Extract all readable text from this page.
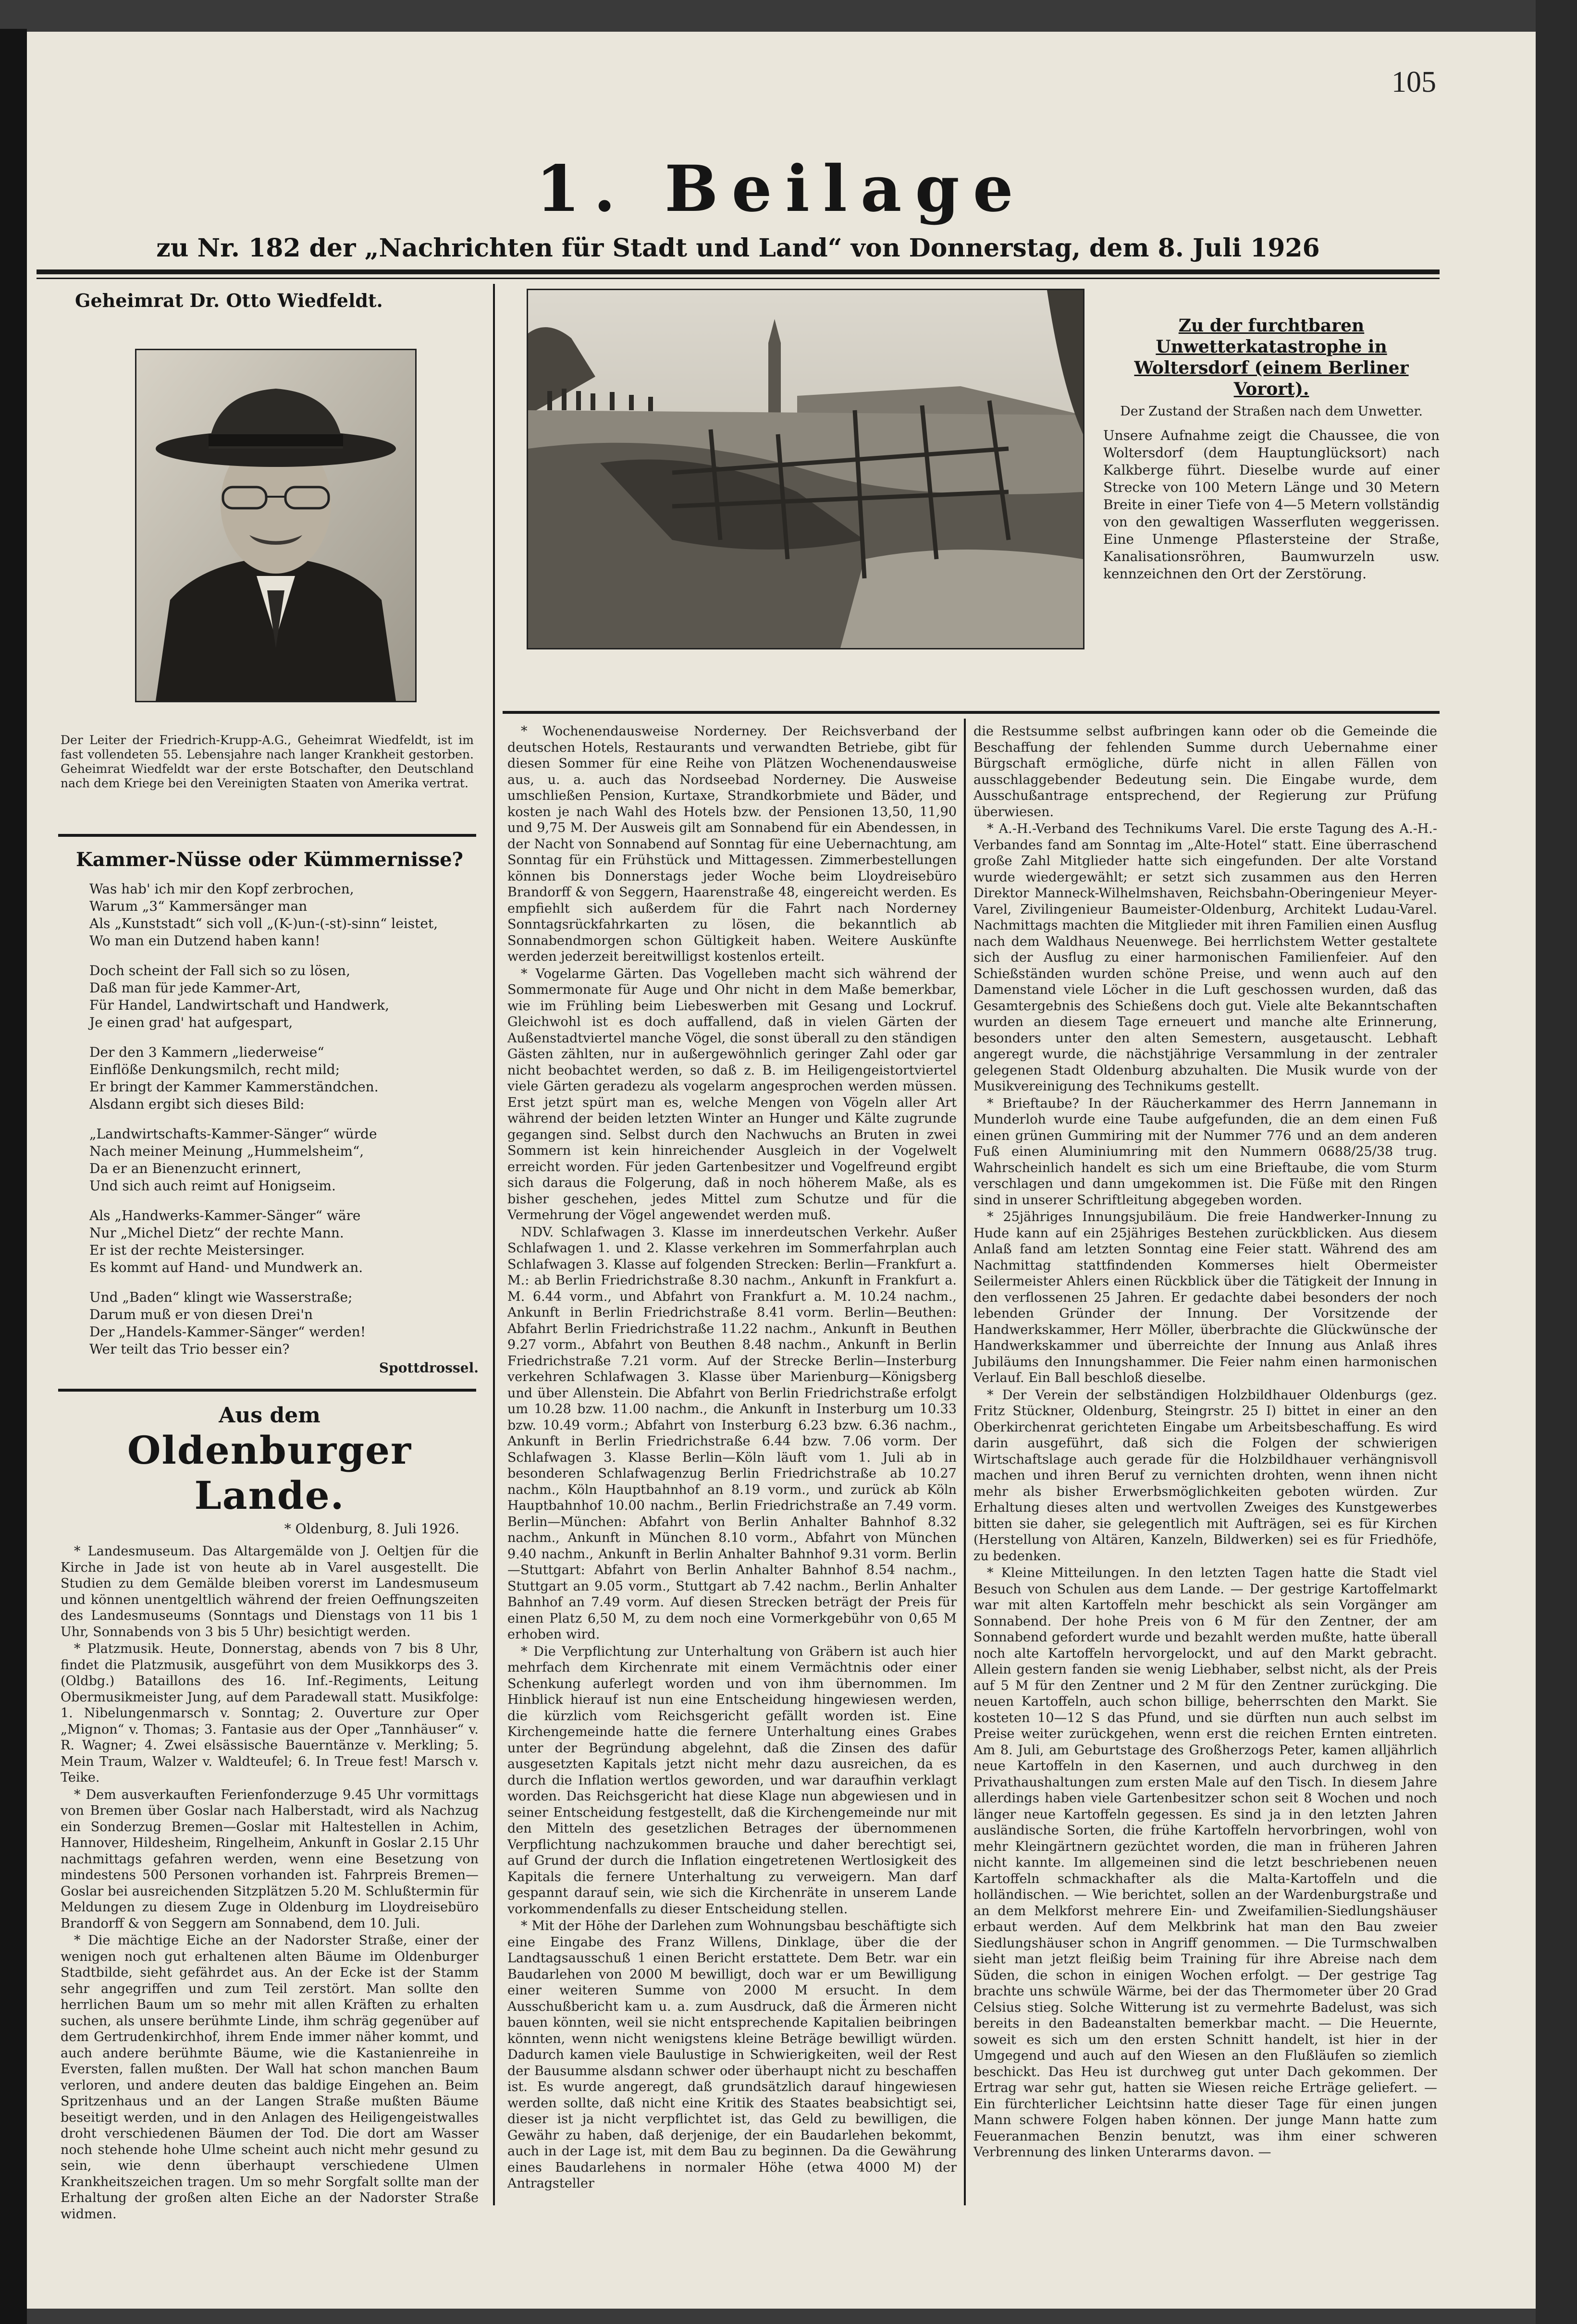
105
1. Beilage
zu Nr. 182 der „Nachrichten für Stadt und Land“ von Donnerstag, dem 8. Juli 1926
Geheimrat Dr. Otto Wiedfeldt.
Der Leiter der Friedrich-Krupp-A.G., Geheimrat Wiedfeldt, ist im fast vollendeten 55. Lebensjahre nach langer Krankheit gestorben. Geheimrat Wiedfeldt war der erste Botschafter, den Deutschland nach dem Kriege bei den Vereinigten Staaten von Amerika vertrat.
Kammer-Nüsse oder Kümmernisse?
Was hab' ich mir den Kopf zerbrochen,
Warum „3“ Kammersänger man
Als „Kunststadt“ sich voll „(K-)un-(-st)-sinn“ leistet,
Wo man ein Dutzend haben kann!
Doch scheint der Fall sich so zu lösen,
Daß man für jede Kammer-Art,
Für Handel, Landwirtschaft und Handwerk,
Je einen grad' hat aufgespart,
Der den 3 Kammern „liederweise“
Einflöße Denkungsmilch, recht mild;
Er bringt der Kammer Kammerständchen.
Alsdann ergibt sich dieses Bild:
„Landwirtschafts-Kammer-Sänger“ würde
Nach meiner Meinung „Hummelsheim“,
Da er an Bienenzucht erinnert,
Und sich auch reimt auf Honigseim.
Als „Handwerks-Kammer-Sänger“ wäre
Nur „Michel Dietz“ der rechte Mann.
Er ist der rechte Meistersinger.
Es kommt auf Hand- und Mundwerk an.
Und „Baden“ klingt wie Wasserstraße;
Darum muß er von diesen Drei'n
Der „Handels-Kammer-Sänger“ werden!
Wer teilt das Trio besser ein?
Spottdrossel.
Aus dem
Oldenburger Lande.
* Oldenburg, 8. Juli 1926.

* Landesmuseum. Das Altargemälde von J. Oeltjen für die Kirche in Jade ist von heute ab in Varel ausgestellt. Die Studien zu dem Gemälde bleiben vorerst im Landesmuseum und können unentgeltlich während der freien Oeffnungszeiten des Landesmuseums (Sonntags und Dienstags von 11 bis 1 Uhr, Sonnabends von 3 bis 5 Uhr) besichtigt werden.

* Platzmusik. Heute, Donnerstag, abends von 7 bis 8 Uhr, findet die Platzmusik, ausgeführt von dem Musikkorps des 3. (Oldbg.) Bataillons des 16. Inf.-Regiments, Leitung Obermusikmeister Jung, auf dem Paradewall statt. Musikfolge: 1. Nibelungenmarsch v. Sonntag; 2. Ouverture zur Oper „Mignon“ v. Thomas; 3. Fantasie aus der Oper „Tannhäuser“ v. R. Wagner; 4. Zwei elsässische Bauerntänze v. Merkling; 5. Mein Traum, Walzer v. Waldteufel; 6. In Treue fest! Marsch v. Teike.

* Dem ausverkauften Ferienfonderzuge 9.45 Uhr vormittags von Bremen über Goslar nach Halberstadt, wird als Nachzug ein Sonderzug Bremen—Goslar mit Haltestellen in Achim, Hannover, Hildesheim, Ringelheim, Ankunft in Goslar 2.15 Uhr nachmittags gefahren werden, wenn eine Besetzung von mindestens 500 Personen vorhanden ist. Fahrpreis Bremen—Goslar bei ausreichenden Sitzplätzen 5.20 M. Schlußtermin für Meldungen zu diesem Zuge in Oldenburg im Lloydreisebüro Brandorff & von Seggern am Sonnabend, dem 10. Juli.

* Die mächtige Eiche an der Nadorster Straße, einer der wenigen noch gut erhaltenen alten Bäume im Oldenburger Stadtbilde, sieht gefährdet aus. An der Ecke ist der Stamm sehr angegriffen und zum Teil zerstört. Man sollte den herrlichen Baum um so mehr mit allen Kräften zu erhalten suchen, als unsere berühmte Linde, ihm schräg gegenüber auf dem Gertrudenkirchhof, ihrem Ende immer näher kommt, und auch andere berühmte Bäume, wie die Kastanienreihe in Eversten, fallen mußten. Der Wall hat schon manchen Baum verloren, und andere deuten das baldige Eingehen an. Beim Spritzenhaus und an der Langen Straße mußten Bäume beseitigt werden, und in den Anlagen des Heiligengeistwalles droht verschiedenen Bäumen der Tod. Die dort am Wasser noch stehende hohe Ulme scheint auch nicht mehr gesund zu sein, wie denn überhaupt verschiedene Ulmen Krankheitszeichen tragen. Um so mehr Sorgfalt sollte man der Erhaltung der großen alten Eiche an der Nadorster Straße widmen.

Zu der furchtbaren Unwetterkatastrophe in Woltersdorf (einem Berliner Vorort).
Der Zustand der Straßen nach dem Unwetter.
Unsere Aufnahme zeigt die Chaussee, die von Woltersdorf (dem Hauptunglücksort) nach Kalkberge führt. Dieselbe wurde auf einer Strecke von 100 Metern Länge und 30 Metern Breite in einer Tiefe von 4—5 Metern vollständig von den gewaltigen Wasserfluten weggerissen. Eine Unmenge Pflastersteine der Straße, Kanalisationsröhren, Baumwurzeln usw. kennzeichnen den Ort der Zerstörung.

* Wochenendausweise Norderney. Der Reichsverband der deutschen Hotels, Restaurants und verwandten Betriebe, gibt für diesen Sommer für eine Reihe von Plätzen Wochenendausweise aus, u. a. auch das Nordseebad Norderney. Die Ausweise umschließen Pension, Kurtaxe, Strandkorbmiete und Bäder, und kosten je nach Wahl des Hotels bzw. der Pensionen 13,50, 11,90 und 9,75 M. Der Ausweis gilt am Sonnabend für ein Abendessen, in der Nacht von Sonnabend auf Sonntag für eine Uebernachtung, am Sonntag für ein Frühstück und Mittagessen. Zimmerbestellungen können bis Donnerstags jeder Woche beim Lloydreisebüro Brandorff & von Seggern, Haarenstraße 48, eingereicht werden. Es empfiehlt sich außerdem für die Fahrt nach Norderney Sonntagsrückfahrkarten zu lösen, die bekanntlich ab Sonnabendmorgen schon Gültigkeit haben. Weitere Auskünfte werden jederzeit bereitwilligst kostenlos erteilt.

* Vogelarme Gärten. Das Vogelleben macht sich während der Sommermonate für Auge und Ohr nicht in dem Maße bemerkbar, wie im Frühling beim Liebeswerben mit Gesang und Lockruf. Gleichwohl ist es doch auffallend, daß in vielen Gärten der Außenstadtviertel manche Vögel, die sonst überall zu den ständigen Gästen zählten, nur in außergewöhnlich geringer Zahl oder gar nicht beobachtet werden, so daß z. B. im Heiligengeistortviertel viele Gärten geradezu als vogelarm angesprochen werden müssen. Erst jetzt spürt man es, welche Mengen von Vögeln aller Art während der beiden letzten Winter an Hunger und Kälte zugrunde gegangen sind. Selbst durch den Nachwuchs an Bruten in zwei Sommern ist kein hinreichender Ausgleich in der Vogelwelt erreicht worden. Für jeden Gartenbesitzer und Vogelfreund ergibt sich daraus die Folgerung, daß in noch höherem Maße, als es bisher geschehen, jedes Mittel zum Schutze und für die Vermehrung der Vögel angewendet werden muß.

NDV. Schlafwagen 3. Klasse im innerdeutschen Verkehr. Außer Schlafwagen 1. und 2. Klasse verkehren im Sommerfahrplan auch Schlafwagen 3. Klasse auf folgenden Strecken: Berlin—Frankfurt a. M.: ab Berlin Friedrichstraße 8.30 nachm., Ankunft in Frankfurt a. M. 6.44 vorm., und Abfahrt von Frankfurt a. M. 10.24 nachm., Ankunft in Berlin Friedrichstraße 8.41 vorm. Berlin—Beuthen: Abfahrt Berlin Friedrichstraße 11.22 nachm., Ankunft in Beuthen 9.27 vorm., Abfahrt von Beuthen 8.48 nachm., Ankunft in Berlin Friedrichstraße 7.21 vorm. Auf der Strecke Berlin—Insterburg verkehren Schlafwagen 3. Klasse über Marienburg—Königsberg und über Allenstein. Die Abfahrt von Berlin Friedrichstraße erfolgt um 10.28 bzw. 11.00 nachm., die Ankunft in Insterburg um 10.33 bzw. 10.49 vorm.; Abfahrt von Insterburg 6.23 bzw. 6.36 nachm., Ankunft in Berlin Friedrichstraße 6.44 bzw. 7.06 vorm. Der Schlafwagen 3. Klasse Berlin—Köln läuft vom 1. Juli ab in besonderen Schlafwagenzug Berlin Friedrichstraße ab 10.27 nachm., Köln Hauptbahnhof an 8.19 vorm., und zurück ab Köln Hauptbahnhof 10.00 nachm., Berlin Friedrichstraße an 7.49 vorm. Berlin—München: Abfahrt von Berlin Anhalter Bahnhof 8.32 nachm., Ankunft in München 8.10 vorm., Abfahrt von München 9.40 nachm., Ankunft in Berlin Anhalter Bahnhof 9.31 vorm. Berlin—Stuttgart: Abfahrt von Berlin Anhalter Bahnhof 8.54 nachm., Stuttgart an 9.05 vorm., Stuttgart ab 7.42 nachm., Berlin Anhalter Bahnhof an 7.49 vorm. Auf diesen Strecken beträgt der Preis für einen Platz 6,50 M, zu dem noch eine Vormerkgebühr von 0,65 M erhoben wird.

* Die Verpflichtung zur Unterhaltung von Gräbern ist auch hier mehrfach dem Kirchenrate mit einem Vermächtnis oder einer Schenkung auferlegt worden und von ihm übernommen. Im Hinblick hierauf ist nun eine Entscheidung hingewiesen werden, die kürzlich vom Reichsgericht gefällt worden ist. Eine Kirchengemeinde hatte die fernere Unterhaltung eines Grabes unter der Begründung abgelehnt, daß die Zinsen des dafür ausgesetzten Kapitals jetzt nicht mehr dazu ausreichen, da es durch die Inflation wertlos geworden, und war daraufhin verklagt worden. Das Reichsgericht hat diese Klage nun abgewiesen und in seiner Entscheidung festgestellt, daß die Kirchengemeinde nur mit den Mitteln des gesetzlichen Betrages der übernommenen Verpflichtung nachzukommen brauche und daher berechtigt sei, auf Grund der durch die Inflation eingetretenen Wertlosigkeit des Kapitals die fernere Unterhaltung zu verweigern. Man darf gespannt darauf sein, wie sich die Kirchenräte in unserem Lande vorkommendenfalls zu dieser Entscheidung stellen.

* Mit der Höhe der Darlehen zum Wohnungsbau beschäftigte sich eine Eingabe des Franz Willens, Dinklage, über die der Landtagsausschuß 1 einen Bericht erstattete. Dem Betr. war ein Baudarlehen von 2000 M bewilligt, doch war er um Bewilligung einer weiteren Summe von 2000 M ersucht. In dem Ausschußbericht kam u. a. zum Ausdruck, daß die Ärmeren nicht bauen könnten, weil sie nicht entsprechende Kapitalien beibringen könnten, wenn nicht wenigstens kleine Beträge bewilligt würden. Dadurch kamen viele Baulustige in Schwierigkeiten, weil der Rest der Bausumme alsdann schwer oder überhaupt nicht zu beschaffen ist. Es wurde angeregt, daß grundsätzlich darauf hingewiesen werden sollte, daß nicht eine Kritik des Staates beabsichtigt sei, dieser ist ja nicht verpflichtet ist, das Geld zu bewilligen, die Gewähr zu haben, daß derjenige, der ein Baudarlehen bekommt, auch in der Lage ist, mit dem Bau zu beginnen. Da die Gewährung eines Baudarlehens in normaler Höhe (etwa 4000 M) der Antragsteller

die Restsumme selbst aufbringen kann oder ob die Gemeinde die Beschaffung der fehlenden Summe durch Uebernahme einer Bürgschaft ermögliche, dürfe nicht in allen Fällen von ausschlaggebender Bedeutung sein. Die Eingabe wurde, dem Ausschußantrage entsprechend, der Regierung zur Prüfung überwiesen.

* A.-H.-Verband des Technikums Varel. Die erste Tagung des A.-H.-Verbandes fand am Sonntag im „Alte-Hotel“ statt. Eine überraschend große Zahl Mitglieder hatte sich eingefunden. Der alte Vorstand wurde wiedergewählt; er setzt sich zusammen aus den Herren Direktor Manneck-Wilhelmshaven, Reichsbahn-Oberingenieur Meyer-Varel, Zivilingenieur Baumeister-Oldenburg, Architekt Ludau-Varel. Nachmittags machten die Mitglieder mit ihren Familien einen Ausflug nach dem Waldhaus Neuenwege. Bei herrlichstem Wetter gestaltete sich der Ausflug zu einer harmonischen Familienfeier. Auf den Schießständen wurden schöne Preise, und wenn auch auf den Damenstand viele Löcher in die Luft geschossen wurden, daß das Gesamtergebnis des Schießens doch gut. Viele alte Bekanntschaften wurden an diesem Tage erneuert und manche alte Erinnerung, besonders unter den alten Semestern, ausgetauscht. Lebhaft angeregt wurde, die nächstjährige Versammlung in der zentraler gelegenen Stadt Oldenburg abzuhalten. Die Musik wurde von der Musikvereinigung des Technikums gestellt.

* Brieftaube? In der Räucherkammer des Herrn Jannemann in Munderloh wurde eine Taube aufgefunden, die an dem einen Fuß einen grünen Gummiring mit der Nummer 776 und an dem anderen Fuß einen Aluminiumring mit den Nummern 0688/25/38 trug. Wahrscheinlich handelt es sich um eine Brieftaube, die vom Sturm verschlagen und dann umgekommen ist. Die Füße mit den Ringen sind in unserer Schriftleitung abgegeben worden.

* 25jähriges Innungsjubiläum. Die freie Handwerker-Innung zu Hude kann auf ein 25jähriges Bestehen zurückblicken. Aus diesem Anlaß fand am letzten Sonntag eine Feier statt. Während des am Nachmittag stattfindenden Kommerses hielt Obermeister Seilermeister Ahlers einen Rückblick über die Tätigkeit der Innung in den verflossenen 25 Jahren. Er gedachte dabei besonders der noch lebenden Gründer der Innung. Der Vorsitzende der Handwerkskammer, Herr Möller, überbrachte die Glückwünsche der Handwerkskammer und überreichte der Innung aus Anlaß ihres Jubiläums den Innungshammer. Die Feier nahm einen harmonischen Verlauf. Ein Ball beschloß dieselbe.

* Der Verein der selbständigen Holzbildhauer Oldenburgs (gez. Fritz Stückner, Oldenburg, Steingrstr. 25 I) bittet in einer an den Oberkirchenrat gerichteten Eingabe um Arbeitsbeschaffung. Es wird darin ausgeführt, daß sich die Folgen der schwierigen Wirtschaftslage auch gerade für die Holzbildhauer verhängnisvoll machen und ihren Beruf zu vernichten drohten, wenn ihnen nicht mehr als bisher Erwerbsmöglichkeiten geboten würden. Zur Erhaltung dieses alten und wertvollen Zweiges des Kunstgewerbes bitten sie daher, sie gelegentlich mit Aufträgen, sei es für Kirchen (Herstellung von Altären, Kanzeln, Bildwerken) sei es für Friedhöfe, zu bedenken.

* Kleine Mitteilungen. In den letzten Tagen hatte die Stadt viel Besuch von Schulen aus dem Lande. — Der gestrige Kartoffelmarkt war mit alten Kartoffeln mehr beschickt als sein Vorgänger am Sonnabend. Der hohe Preis von 6 M für den Zentner, der am Sonnabend gefordert wurde und bezahlt werden mußte, hatte überall noch alte Kartoffeln hervorgelockt, und auf den Markt gebracht. Allein gestern fanden sie wenig Liebhaber, selbst nicht, als der Preis auf 5 M für den Zentner und 2 M für den Zentner zurückging. Die neuen Kartoffeln, auch schon billige, beherrschten den Markt. Sie kosteten 10—12 S das Pfund, und sie dürften nun auch selbst im Preise weiter zurückgehen, wenn erst die reichen Ernten eintreten. Am 8. Juli, am Geburtstage des Großherzogs Peter, kamen alljährlich neue Kartoffeln in den Kasernen, und auch durchweg in den Privathaushaltungen zum ersten Male auf den Tisch. In diesem Jahre allerdings haben viele Gartenbesitzer schon seit 8 Wochen und noch länger neue Kartoffeln gegessen. Es sind ja in den letzten Jahren ausländische Sorten, die frühe Kartoffeln hervorbringen, wohl von mehr Kleingärtnern gezüchtet worden, die man in früheren Jahren nicht kannte. Im allgemeinen sind die letzt beschriebenen neuen Kartoffeln schmackhafter als die Malta-Kartoffeln und die holländischen. — Wie berichtet, sollen an der Wardenburgstraße und an dem Melkforst mehrere Ein- und Zweifamilien-Siedlungshäuser erbaut werden. Auf dem Melkbrink hat man den Bau zweier Siedlungshäuser schon in Angriff genommen. — Die Turmschwalben sieht man jetzt fleißig beim Training für ihre Abreise nach dem Süden, die schon in einigen Wochen erfolgt. — Der gestrige Tag brachte uns schwüle Wärme, bei der das Thermometer über 20 Grad Celsius stieg. Solche Witterung ist zu vermehrte Badelust, was sich bereits in den Badeanstalten bemerkbar macht. — Die Heuernte, soweit es sich um den ersten Schnitt handelt, ist hier in der Umgegend und auch auf den Wiesen an den Flußläufen so ziemlich beschickt. Das Heu ist durchweg gut unter Dach gekommen. Der Ertrag war sehr gut, hatten sie Wiesen reiche Erträge geliefert. — Ein fürchterlicher Leichtsinn hatte dieser Tage für einen jungen Mann schwere Folgen haben können. Der junge Mann hatte zum Feueranmachen Benzin benutzt, was ihm einer schweren Verbrennung des linken Unterarms davon. —
